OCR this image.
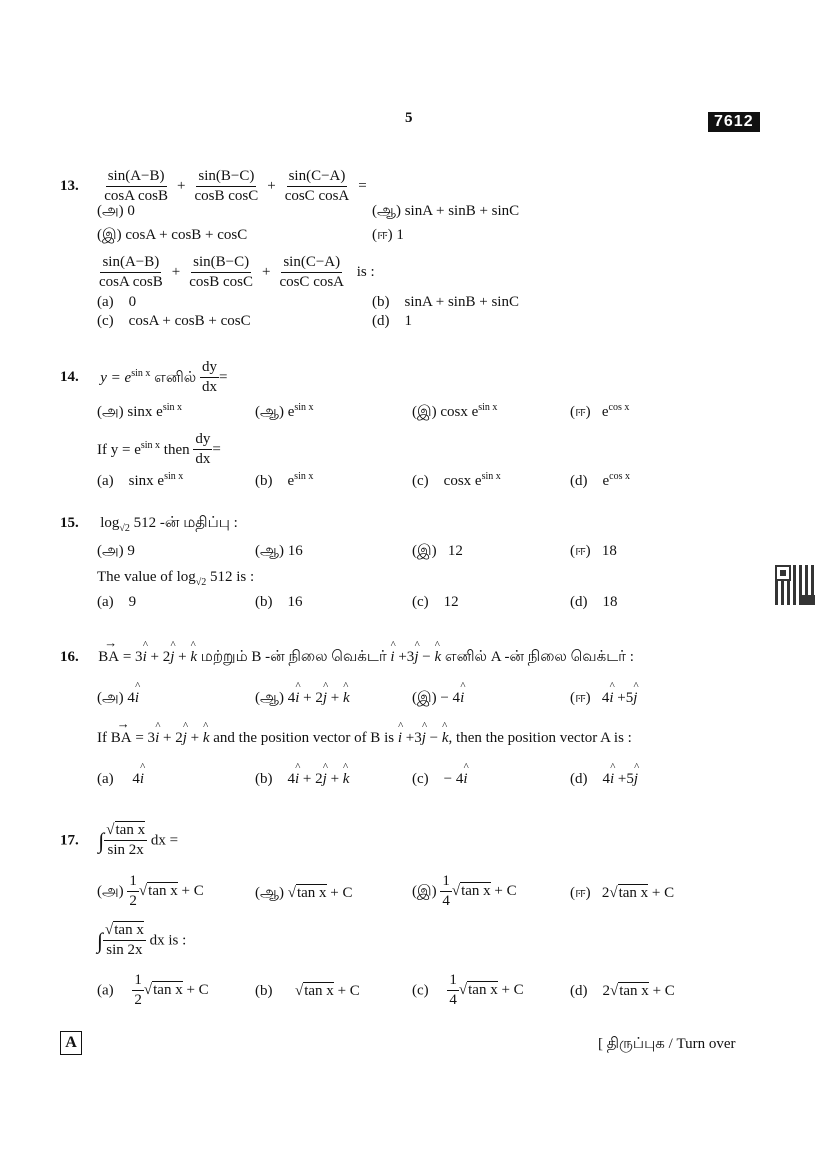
5	7612
13. $\frac{\sin(A-B)}{\text{cosA cosB}} + \frac{\sin(B-C)}{\text{cosB cosC}} + \frac{\sin(C-A)}{\text{cosC cosA}}$ =
(அ) 0	(ஆ) sinA + sinB + sinC
(இ) cosA + cosB + cosC	(ஈ) 1
$\frac{\sin(A-B)}{\text{cosA cosB}} + \frac{\sin(B-C)}{\text{cosB cosC}} + \frac{\sin(C-A)}{\text{cosC cosA}}$ is :
(a) 0	(b) sinA + sinB + sinC
(c) cosA + cosB + cosC	(d) 1
14. $y = e^{sin x}$ எனில் $\frac{dy}{dx}$ =
(அ) sinx $e^{sin x}$	(ஆ) $e^{sin x}$	(இ) cosx $e^{sin x}$	(ஈ) $e^{cos x}$
If $y = e^{sin x}$ then $\frac{dy}{dx}$ =
(a) sinx $e^{sin x}$	(b) $e^{sin x}$	(c) cosx $e^{sin x}$	(d) $e^{cos x}$
15. $\log_{√2} 512$ -ன் மதிப்பு :
(அ) 9	(ஆ) 16	(இ) 12	(ஈ) 18
The value of $\log_{√2} 512$ is :
(a) 9	(b) 16	(c) 12	(d) 18
16.  → BA = 3^ i + 2^ j + ^ k மற்றும் B -ன் நிலை வெக்டர் ^ i +3^ j − ^ k எனில் A -ன் நிலை வெக்டர் :
(அ) 4^ i	(ஆ) 4^ i + 2^ j + ^ k	(இ) − 4^ i	(ஈ)   4^ i +5^ j
If → BA = 3^ i + 2^ j + ^ k and the position vector of B is ^ i +3^ j − ^ k, then the position vector A is :
(a)     4^ i	(b)    4^ i + 2^ j + ^ k	(c)    − 4^ i	(d)    4^ i +5^ j
17. ∫ $\frac{\text{√tan x}}{\sin 2x}$ dx =
(அ) $\frac{1}{2} √\tan$ x + C	(ஆ) √tan x + C	(இ) $\frac{1}{4} √\tan$ x + C	(ஈ)   2√tan x + C
∫ $\frac{\text{√tan x}}{\sin 2x}$ dx is :
$(a) \frac{1}{2} √\tan$ x + C	(b)      √tan x + C	$(c) \frac{1}{4} √\tan$ x + C	(d)    2√tan x + C
A	[ திருப்புக / Turn over
